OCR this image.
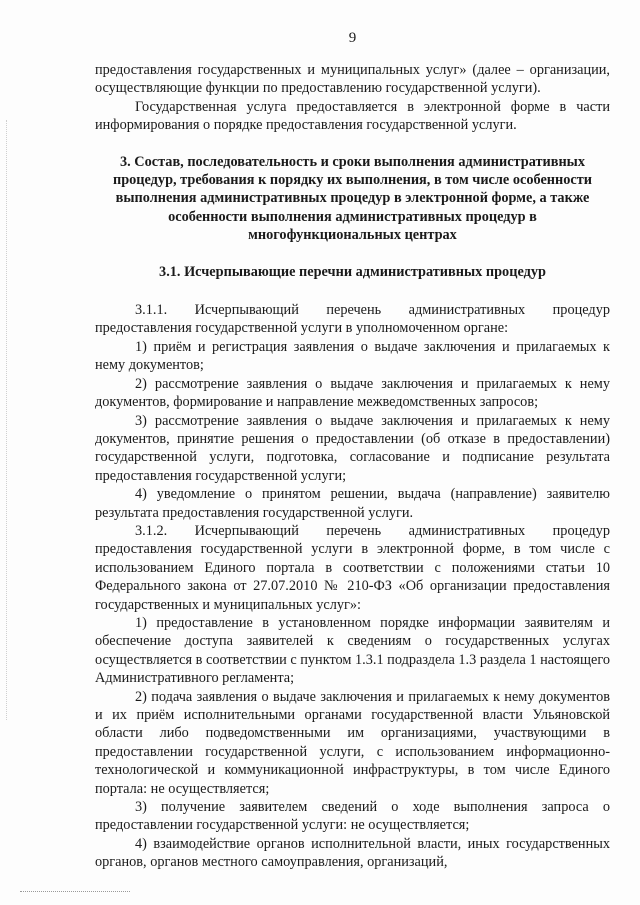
9

предоставления государственных и муниципальных услуг» (далее – организации, осуществляющие функции по предоставлению государственной услуги).

Государственная услуга предоставляется в электронной форме в части информирования о порядке предоставления государственной услуги.

3. Состав, последовательность и сроки выполнения административных процедур, требования к порядку их выполнения, в том числе особенности выполнения административных процедур в электронной форме, а также особенности выполнения административных процедур в многофункциональных центрах
3.1. Исчерпывающие перечни административных процедур

3.1.1. Исчерпывающий перечень административных процедур предоставления государственной услуги в уполномоченном органе:

1) приём и регистрация заявления о выдаче заключения и прилагаемых к нему документов;

2) рассмотрение заявления о выдаче заключения и прилагаемых к нему документов, формирование и направление межведомственных запросов;

3) рассмотрение заявления о выдаче заключения и прилагаемых к нему документов, принятие решения о предоставлении (об отказе в предоставлении) государственной услуги, подготовка, согласование и подписание результата предоставления государственной услуги;

4) уведомление о принятом решении, выдача (направление) заявителю результата предоставления государственной услуги.

3.1.2. Исчерпывающий перечень административных процедур предоставления государственной услуги в электронной форме, в том числе с использованием Единого портала в соответствии с положениями статьи 10 Федерального закона от 27.07.2010 № 210-ФЗ «Об организации предоставления государственных и муниципальных услуг»:

1) предоставление в установленном порядке информации заявителям и обеспечение доступа заявителей к сведениям о государственных услугах осуществляется в соответствии с пунктом 1.3.1 подраздела 1.3 раздела 1 настоящего Административного регламента;

2) подача заявления о выдаче заключения и прилагаемых к нему документов и их приём исполнительными органами государственной власти Ульяновской области либо подведомственными им организациями, участвующими в предоставлении государственной услуги, с использованием информационно-технологической и коммуникационной инфраструктуры, в том числе Единого портала: не осуществляется;

3) получение заявителем сведений о ходе выполнения запроса о предоставлении государственной услуги: не осуществляется;

4) взаимодействие органов исполнительной власти, иных государственных органов, органов местного самоуправления, организаций,
